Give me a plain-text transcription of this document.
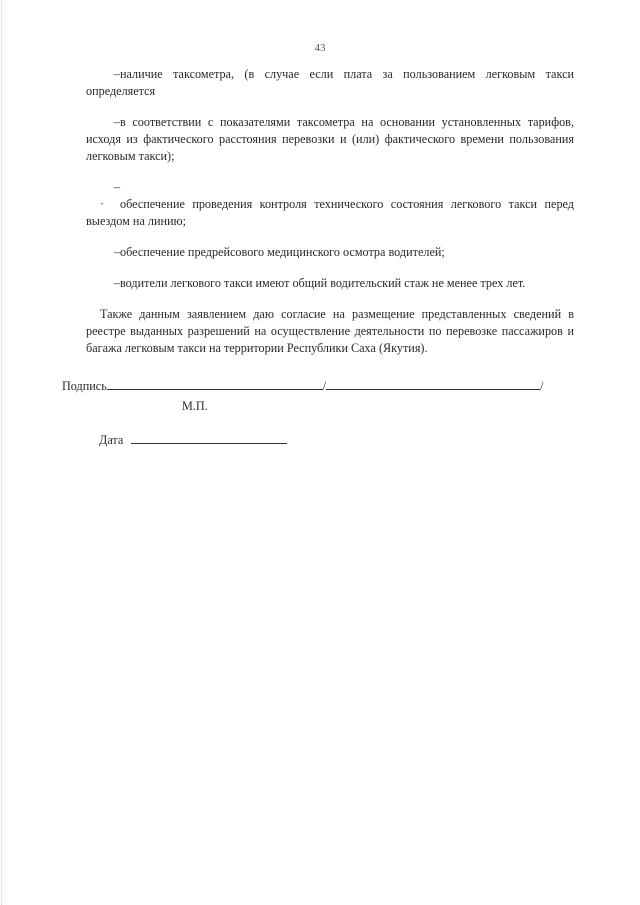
43

–наличие таксометра, (в случае если плата за пользованием легковым такси определяется

–в соответствии с показателями таксометра на основании установленных тарифов, исходя из фактического расстояния перевозки и (или) фактического времени пользования легковым такси);

– · обеспечение проведения контроля технического состояния легкового такси перед выездом на линию;

–обеспечение предрейсового медицинского осмотра водителей;

–водители легкового такси имеют общий водительский стаж не менее трех лет.

Также данным заявлением даю согласие на размещение представленных сведений в реестре выданных разрешений на осуществление деятельности по перевозке пассажиров и багажа легковым такси на территории Республики Саха (Якутия).

Подпись	/	/
М.П.
Дата
